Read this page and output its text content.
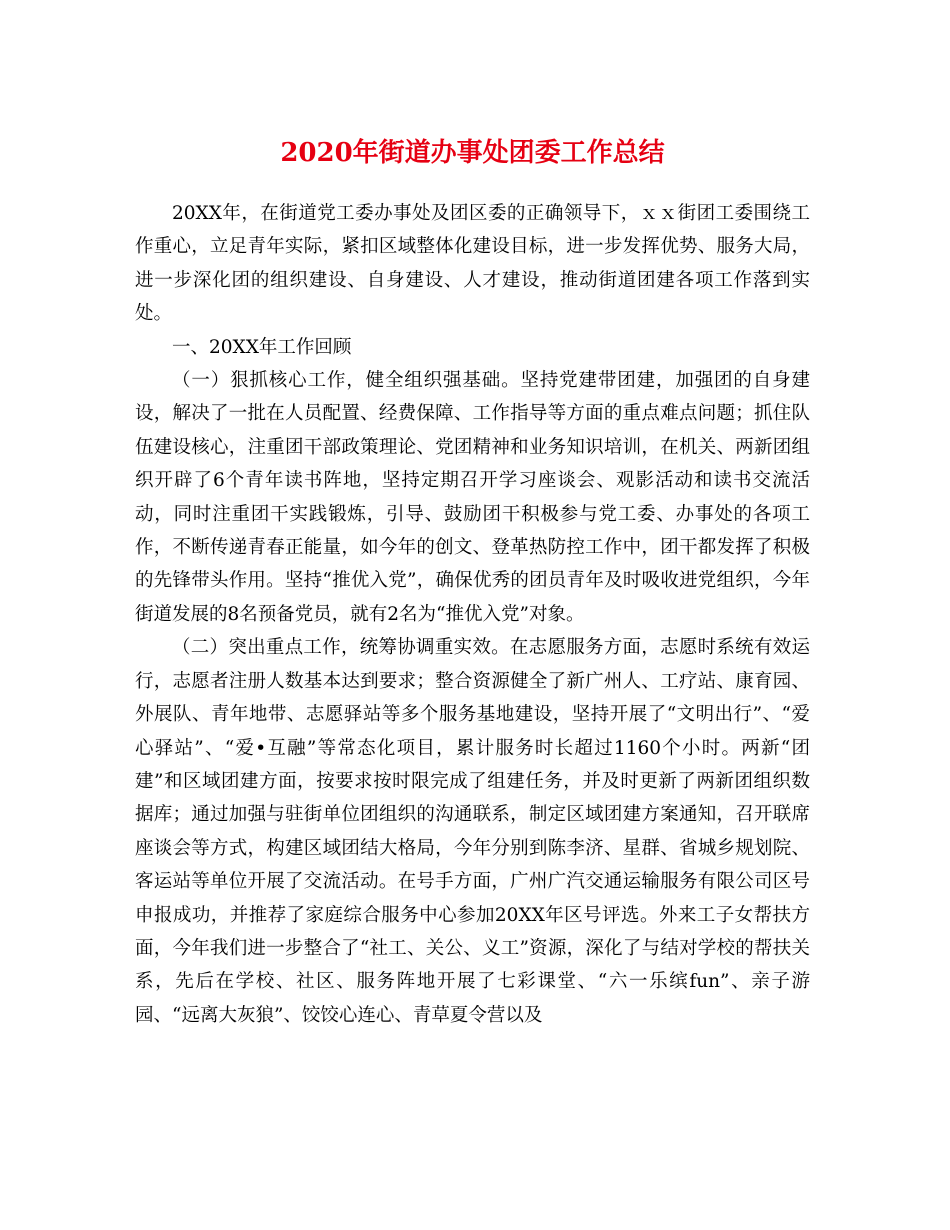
2020年街道办事处团委工作总结

20XX年，在街道党工委办事处及团区委的正确领导下，ｘｘ街团工委围绕工作重心，立足青年实际，紧扣区域整体化建设目标，进一步发挥优势、服务大局，进一步深化团的组织建设、自身建设、人才建设，推动街道团建各项工作落到实处。

一、20XX年工作回顾

（一）狠抓核心工作，健全组织强基础。坚持党建带团建，加强团的自身建设，解决了一批在人员配置、经费保障、工作指导等方面的重点难点问题；抓住队伍建设核心，注重团干部政策理论、党团精神和业务知识培训，在机关、两新团组织开辟了6个青年读书阵地，坚持定期召开学习座谈会、观影活动和读书交流活动，同时注重团干实践锻炼，引导、鼓励团干积极参与党工委、办事处的各项工作，不断传递青春正能量，如今年的创文、登革热防控工作中，团干都发挥了积极的先锋带头作用。坚持“推优入党”，确保优秀的团员青年及时吸收进党组织，今年街道发展的8名预备党员，就有2名为“推优入党”对象。

（二）突出重点工作，统筹协调重实效。在志愿服务方面，志愿时系统有效运行，志愿者注册人数基本达到要求；整合资源健全了新广州人、工疗站、康育园、外展队、青年地带、志愿驿站等多个服务基地建设，坚持开展了“文明出行”、“爱心驿站”、“爱•互融”等常态化项目，累计服务时长超过1160个小时。两新“团建”和区域团建方面，按要求按时限完成了组建任务，并及时更新了两新团组织数据库；通过加强与驻街单位团组织的沟通联系，制定区域团建方案通知，召开联席座谈会等方式，构建区域团结大格局，今年分别到陈李济、星群、省城乡规划院、客运站等单位开展了交流活动。在号手方面，广州广汽交通运输服务有限公司区号申报成功，并推荐了家庭综合服务中心参加20XX年区号评选。外来工子女帮扶方面，今年我们进一步整合了“社工、关公、义工”资源，深化了与结对学校的帮扶关系，先后在学校、社区、服务阵地开展了七彩课堂、“六一乐缤fun”、亲子游园、“远离大灰狼”、饺饺心连心、青草夏令营以及
